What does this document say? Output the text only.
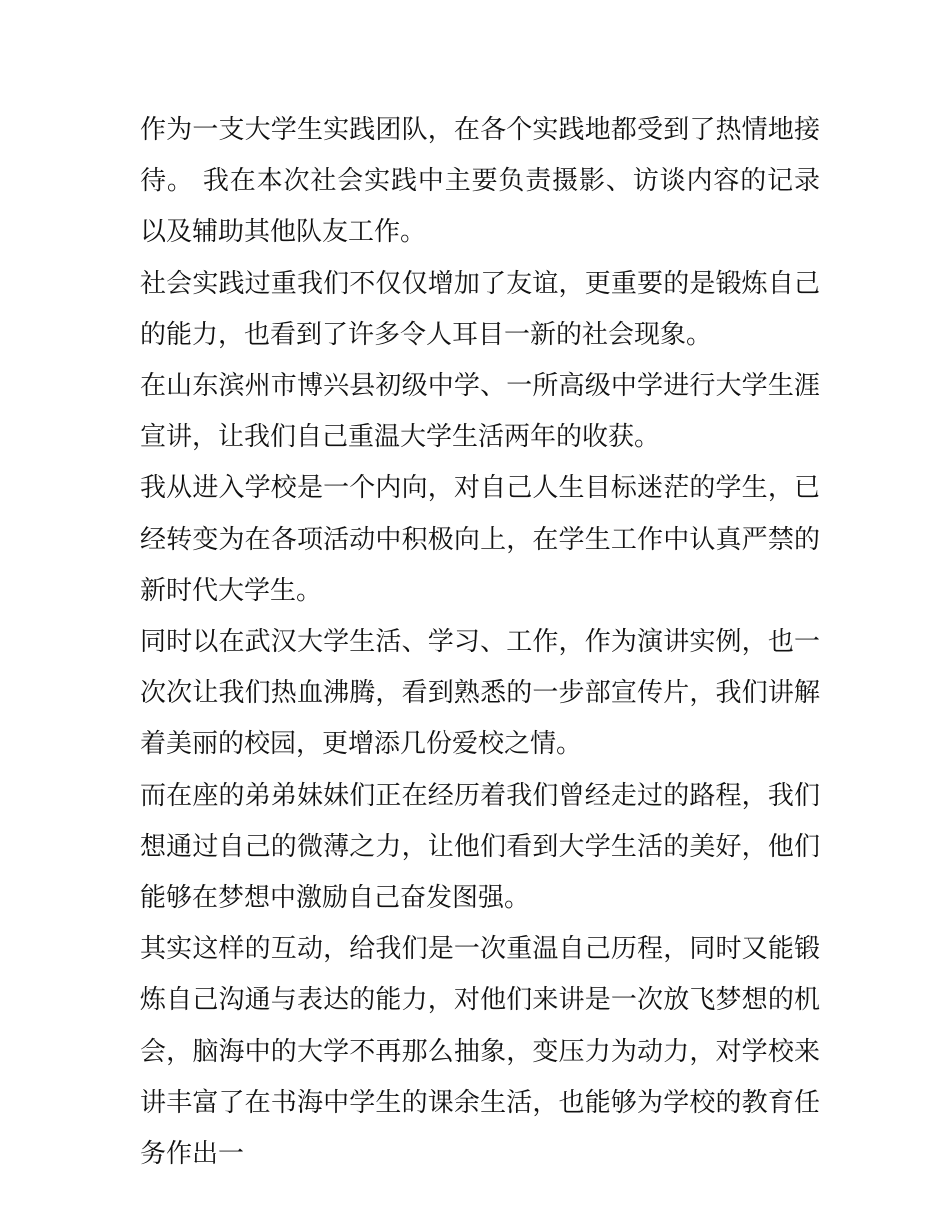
作为一支大学生实践团队，在各个实践地都受到了热情地接待。 我在本次社会实践中主要负责摄影、访谈内容的记录以及辅助其他队友工作。

社会实践过重我们不仅仅增加了友谊，更重要的是锻炼自己的能力，也看到了许多令人耳目一新的社会现象。

在山东滨州市博兴县初级中学、一所高级中学进行大学生涯宣讲，让我们自己重温大学生活两年的收获。

我从进入学校是一个内向，对自己人生目标迷茫的学生，已经转变为在各项活动中积极向上，在学生工作中认真严禁的新时代大学生。

同时以在武汉大学生活、学习、工作，作为演讲实例，也一次次让我们热血沸腾，看到熟悉的一步部宣传片，我们讲解着美丽的校园，更增添几份爱校之情。

而在座的弟弟妹妹们正在经历着我们曾经走过的路程，我们想通过自己的微薄之力，让他们看到大学生活的美好，他们能够在梦想中激励自己奋发图强。

其实这样的互动，给我们是一次重温自己历程，同时又能锻炼自己沟通与表达的能力，对他们来讲是一次放飞梦想的机会，脑海中的大学不再那么抽象，变压力为动力，对学校来讲丰富了在书海中学生的课余生活，也能够为学校的教育任务作出一
